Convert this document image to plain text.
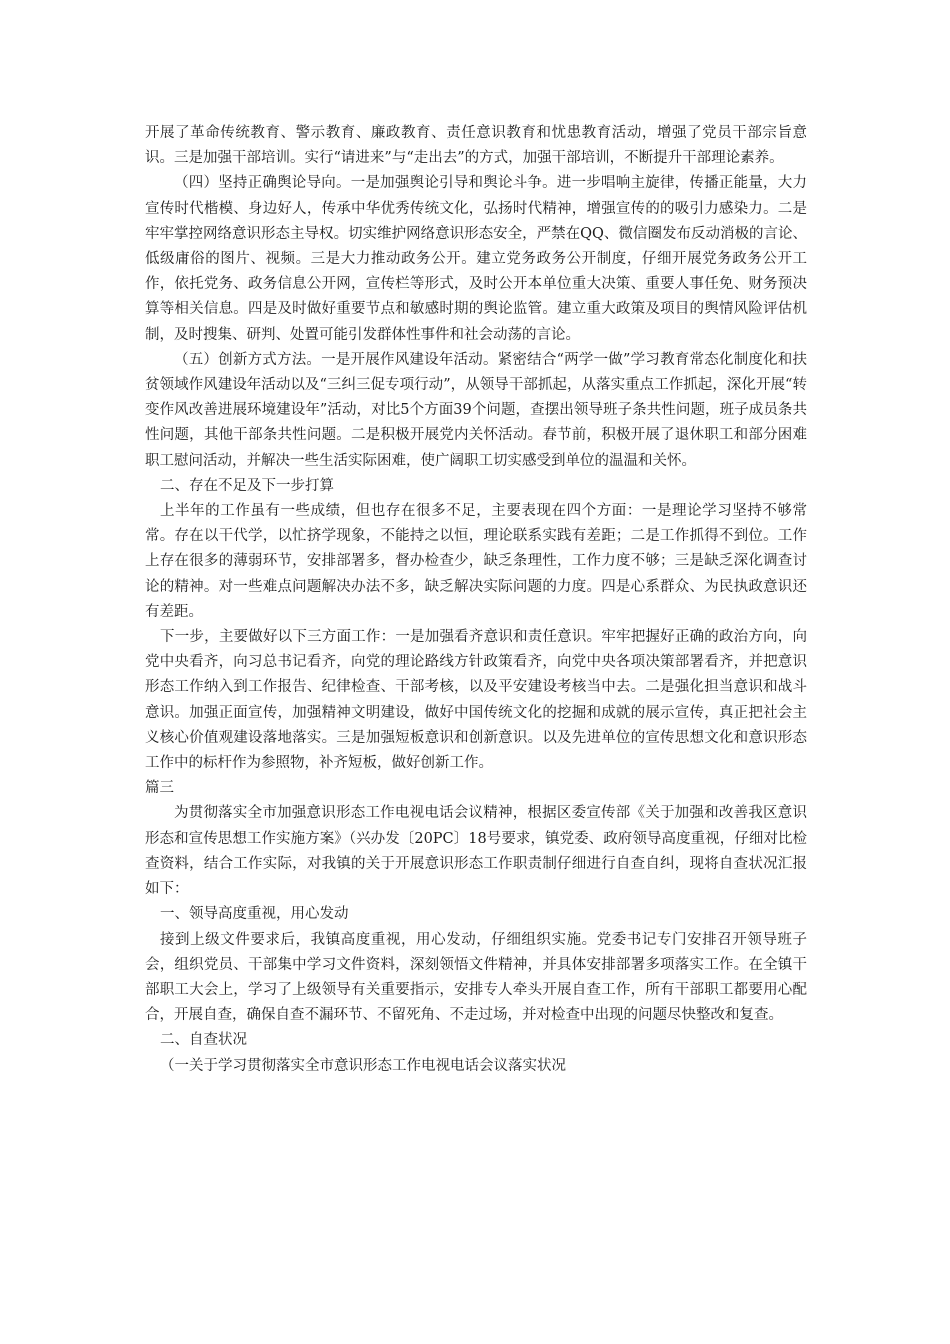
开展了革命传统教育、警示教育、廉政教育、责任意识教育和忧患教育活动，增强了党员干部宗旨意识。三是加强干部培训。实行“请进来”与“走出去”的方式，加强干部培训，不断提升干部理论素养。

（四）坚持正确舆论导向。一是加强舆论引导和舆论斗争。进一步唱响主旋律，传播正能量，大力宣传时代楷模、身边好人，传承中华优秀传统文化，弘扬时代精神，增强宣传的的吸引力感染力。二是牢牢掌控网络意识形态主导权。切实维护网络意识形态安全，严禁在QQ、微信圈发布反动消极的言论、低级庸俗的图片、视频。三是大力推动政务公开。建立党务政务公开制度，仔细开展党务政务公开工作，依托党务、政务信息公开网，宣传栏等形式，及时公开本单位重大决策、重要人事任免、财务预决算等相关信息。四是及时做好重要节点和敏感时期的舆论监管。建立重大政策及项目的舆情风险评估机制，及时搜集、研判、处置可能引发群体性事件和社会动荡的言论。

（五）创新方式方法。一是开展作风建设年活动。紧密结合“两学一做”学习教育常态化制度化和扶贫领域作风建设年活动以及“三纠三促专项行动”，从领导干部抓起，从落实重点工作抓起，深化开展“转变作风改善进展环境建设年”活动，对比5个方面39个问题，查摆出领导班子条共性问题，班子成员条共性问题，其他干部条共性问题。二是积极开展党内关怀活动。春节前，积极开展了退休职工和部分困难职工慰问活动，并解决一些生活实际困难，使广阔职工切实感受到单位的温温和关怀。

二、存在不足及下一步打算

上半年的工作虽有一些成绩，但也存在很多不足，主要表现在四个方面：一是理论学习坚持不够常常。存在以干代学，以忙挤学现象，不能持之以恒，理论联系实践有差距；二是工作抓得不到位。工作上存在很多的薄弱环节，安排部署多，督办检查少，缺乏条理性，工作力度不够；三是缺乏深化调查讨论的精神。对一些难点问题解决办法不多，缺乏解决实际问题的力度。四是心系群众、为民执政意识还有差距。

下一步，主要做好以下三方面工作：一是加强看齐意识和责任意识。牢牢把握好正确的政治方向，向党中央看齐，向习总书记看齐，向党的理论路线方针政策看齐，向党中央各项决策部署看齐，并把意识形态工作纳入到工作报告、纪律检查、干部考核，以及平安建设考核当中去。二是强化担当意识和战斗意识。加强正面宣传，加强精神文明建设，做好中国传统文化的挖掘和成就的展示宣传，真正把社会主义核心价值观建设落地落实。三是加强短板意识和创新意识。以及先进单位的宣传思想文化和意识形态工作中的标杆作为参照物，补齐短板，做好创新工作。

篇三

为贯彻落实全市加强意识形态工作电视电话会议精神，根据区委宣传部《关于加强和改善我区意识形态和宣传思想工作实施方案》（兴办发〔20PC〕18号要求，镇党委、政府领导高度重视，仔细对比检查资料，结合工作实际，对我镇的关于开展意识形态工作职责制仔细进行自查自纠，现将自查状况汇报如下：

一、领导高度重视，用心发动

接到上级文件要求后，我镇高度重视，用心发动，仔细组织实施。党委书记专门安排召开领导班子会，组织党员、干部集中学习文件资料，深刻领悟文件精神，并具体安排部署多项落实工作。在全镇干部职工大会上，学习了上级领导有关重要指示，安排专人牵头开展自查工作，所有干部职工都要用心配合，开展自查，确保自查不漏环节、不留死角、不走过场，并对检查中出现的问题尽快整改和复查。

二、自查状况

（一关于学习贯彻落实全市意识形态工作电视电话会议落实状况
